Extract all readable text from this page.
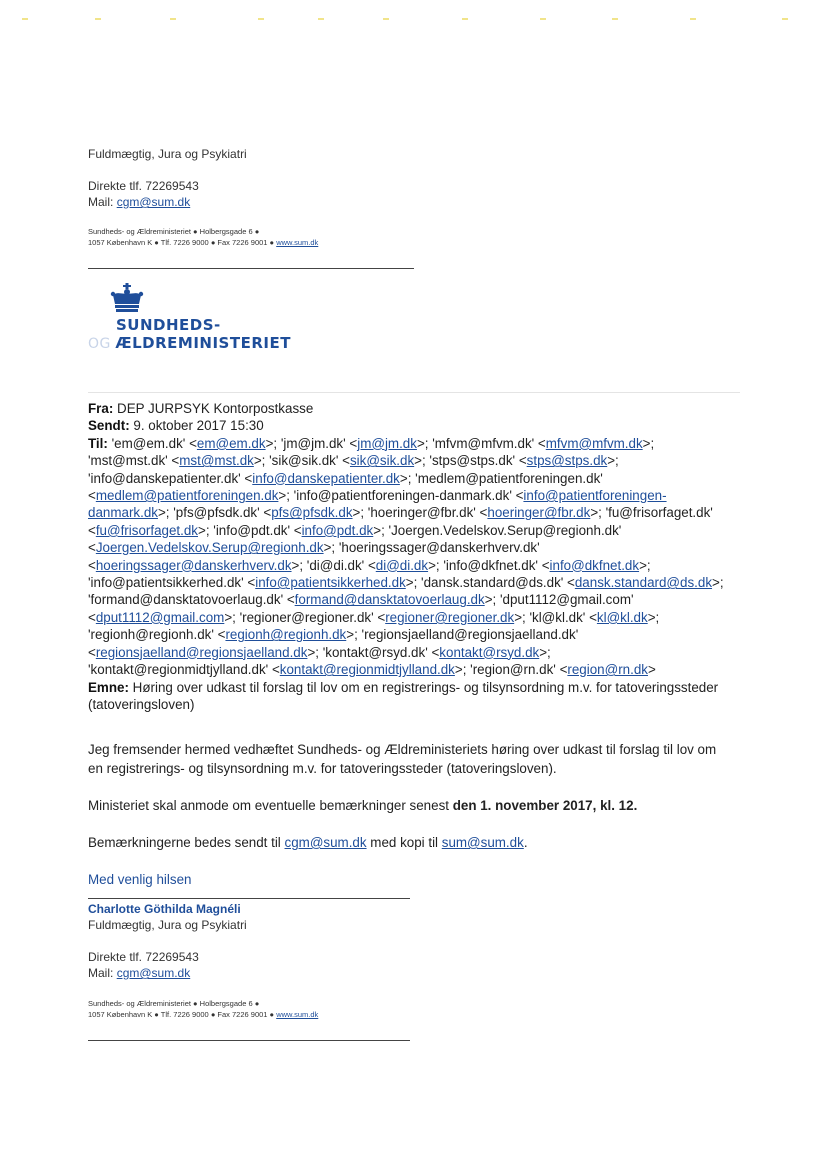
Fuldmægtig, Jura og Psykiatri
Direkte tlf. 72269543
Mail: cgm@sum.dk
Sundheds- og Ældreministeriet ● Holbergsgade 6 ●
1057 København K ● Tlf. 7226 9000 ● Fax 7226 9001 ● www.sum.dk
SUNDHEDS-
OG ÆLDREMINISTERIET
Fra: DEP JURPSYK Kontorpostkasse
Sendt: 9. oktober 2017 15:30
Til: 'em@em.dk' <em@em.dk>; 'jm@jm.dk' <jm@jm.dk>; 'mfvm@mfvm.dk' <mfvm@mfvm.dk>; 'mst@mst.dk' <mst@mst.dk>; 'sik@sik.dk' <sik@sik.dk>; 'stps@stps.dk' <stps@stps.dk>; 'info@danskepatienter.dk' <info@danskepatienter.dk>; 'medlem@patientforeningen.dk' <medlem@patientforeningen.dk>; 'info@patientforeningen-danmark.dk' <info@patientforeningen-danmark.dk>; 'pfs@pfsdk.dk' <pfs@pfsdk.dk>; 'hoeringer@fbr.dk' <hoeringer@fbr.dk>; 'fu@frisorfaget.dk' <fu@frisorfaget.dk>; 'info@pdt.dk' <info@pdt.dk>; 'Joergen.Vedelskov.Serup@regionh.dk' <Joergen.Vedelskov.Serup@regionh.dk>; 'hoeringssager@danskerhverv.dk' <hoeringssager@danskerhverv.dk>; 'di@di.dk' <di@di.dk>; 'info@dkfnet.dk' <info@dkfnet.dk>; 'info@patientsikkerhed.dk' <info@patientsikkerhed.dk>; 'dansk.standard@ds.dk' <dansk.standard@ds.dk>; 'formand@dansktatovoerlaug.dk' <formand@dansktatovoerlaug.dk>; 'dput1112@gmail.com' <dput1112@gmail.com>; 'regioner@regioner.dk' <regioner@regioner.dk>; 'kl@kl.dk' <kl@kl.dk>; 'regionh@regionh.dk' <regionh@regionh.dk>; 'regionsjaelland@regionsjaelland.dk' <regionsjaelland@regionsjaelland.dk>; 'kontakt@rsyd.dk' <kontakt@rsyd.dk>; 'kontakt@regionmidtjylland.dk' <kontakt@regionmidtjylland.dk>; 'region@rn.dk' <region@rn.dk>
Emne: Høring over udkast til forslag til lov om en registrerings- og tilsynsordning m.v. for tatoveringssteder (tatoveringsloven)
Jeg fremsender hermed vedhæftet Sundheds- og Ældreministeriets høring over udkast til forslag til lov om en registrerings- og tilsynsordning m.v. for tatoveringssteder (tatoveringsloven).
Ministeriet skal anmode om eventuelle bemærkninger senest den 1. november 2017, kl. 12.
Bemærkningerne bedes sendt til cgm@sum.dk med kopi til sum@sum.dk.
Med venlig hilsen
Charlotte Göthilda Magnéli
Fuldmægtig, Jura og Psykiatri
Direkte tlf. 72269543
Mail: cgm@sum.dk
Sundheds- og Ældreministeriet ● Holbergsgade 6 ●
1057 København K ● Tlf. 7226 9000 ● Fax 7226 9001 ● www.sum.dk
